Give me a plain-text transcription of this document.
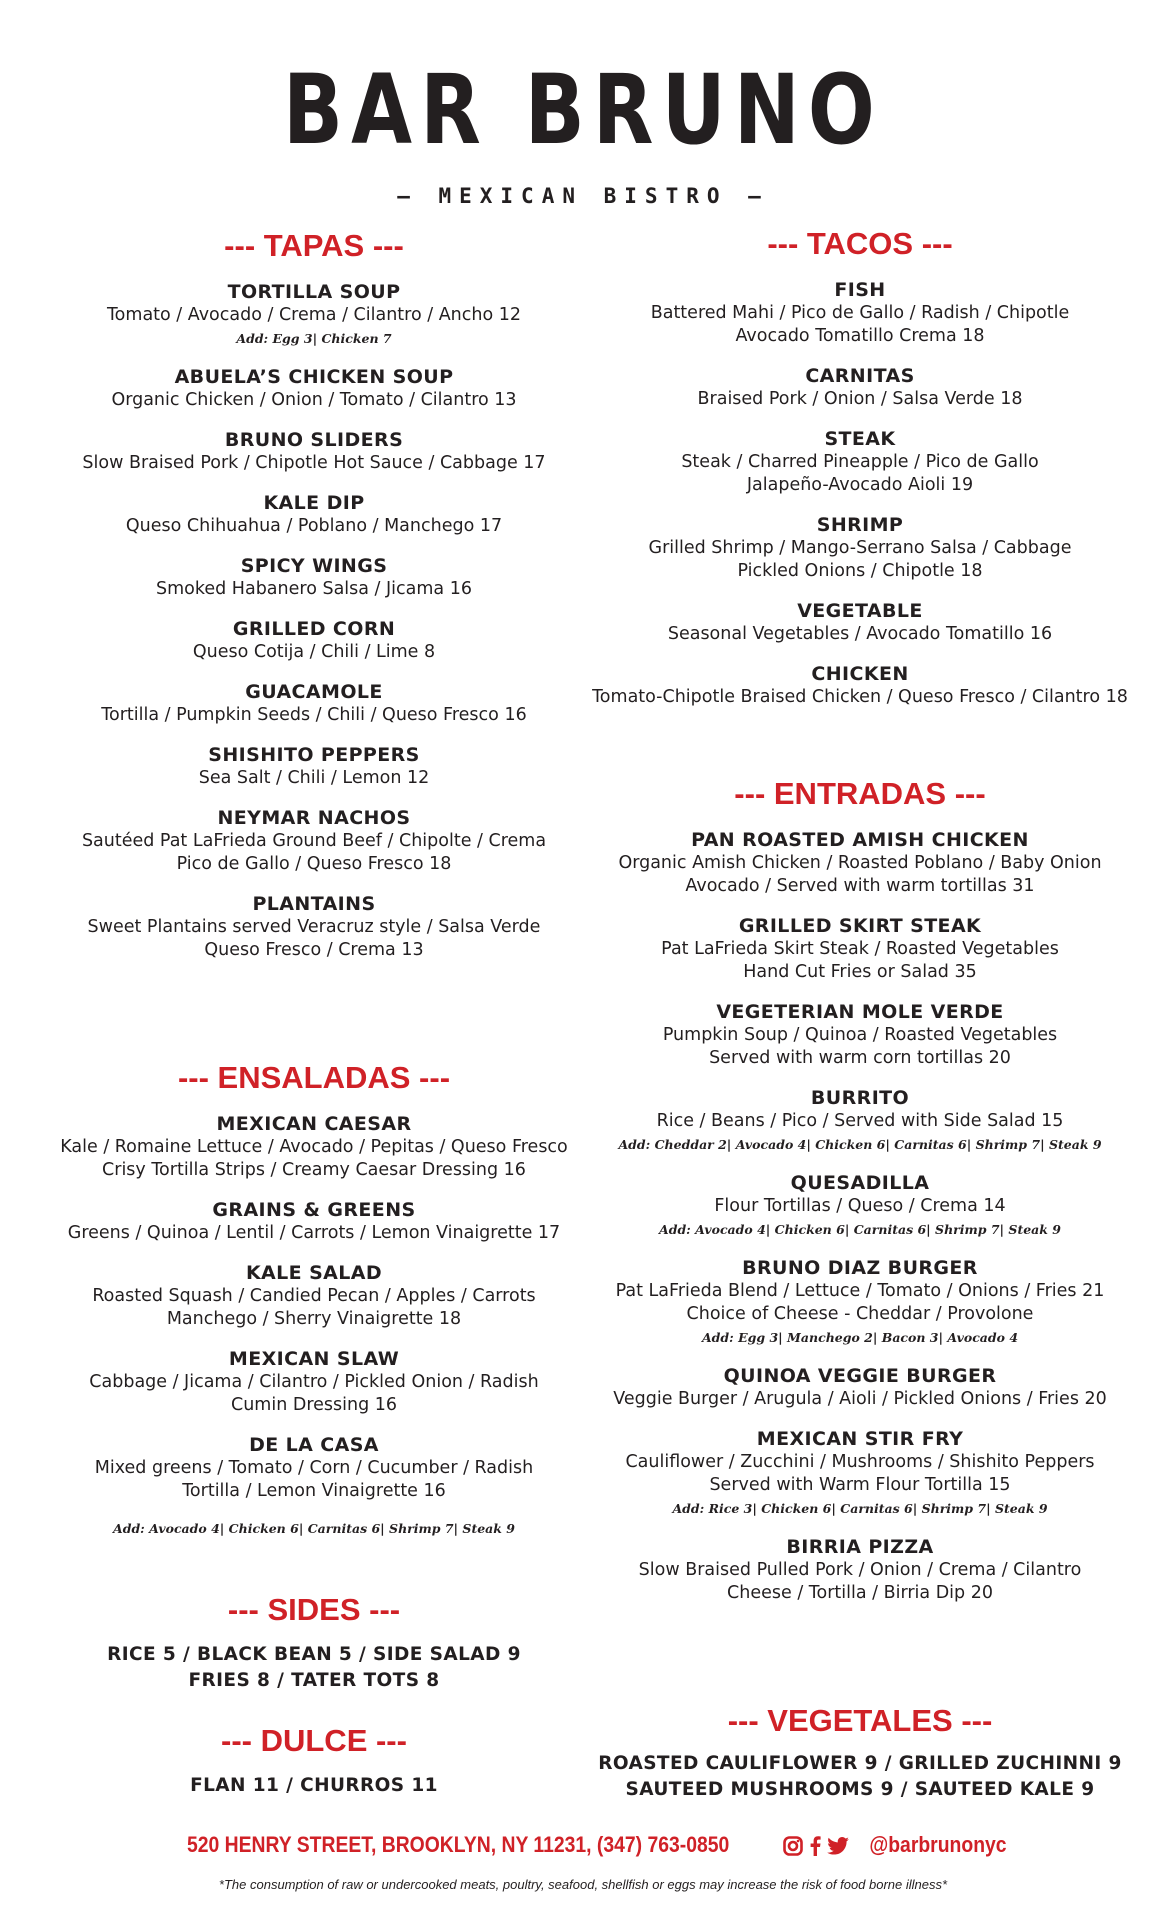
BAR BRUNO
— MEXICAN BISTRO —
--- TAPAS ---
TORTILLA SOUP
Tomato / Avocado / Crema / Cilantro / Ancho 12
Add: Egg 3| Chicken 7
ABUELA’S CHICKEN SOUP
Organic Chicken / Onion / Tomato / Cilantro 13
BRUNO SLIDERS
Slow Braised Pork / Chipotle Hot Sauce / Cabbage 17
KALE DIP
Queso Chihuahua / Poblano / Manchego 17
SPICY WINGS
Smoked Habanero Salsa / Jicama 16
GRILLED CORN
Queso Cotija / Chili / Lime 8
GUACAMOLE
Tortilla / Pumpkin Seeds / Chili / Queso Fresco 16
SHISHITO PEPPERS
Sea Salt / Chili / Lemon 12
NEYMAR NACHOS
Sautéed Pat LaFrieda Ground Beef / Chipolte / Crema
Pico de Gallo / Queso Fresco 18
PLANTAINS
Sweet Plantains served Veracruz style / Salsa Verde
Queso Fresco / Crema 13
--- ENSALADAS ---
MEXICAN CAESAR
Kale / Romaine Lettuce / Avocado / Pepitas / Queso Fresco
Crisy Tortilla Strips / Creamy Caesar Dressing 16
GRAINS & GREENS
Greens / Quinoa / Lentil / Carrots / Lemon Vinaigrette 17
KALE SALAD
Roasted Squash / Candied Pecan / Apples / Carrots
Manchego / Sherry Vinaigrette 18
MEXICAN SLAW
Cabbage / Jicama / Cilantro / Pickled Onion / Radish
Cumin Dressing 16
DE LA CASA
Mixed greens / Tomato / Corn / Cucumber / Radish
Tortilla / Lemon Vinaigrette 16
Add: Avocado 4| Chicken 6| Carnitas 6| Shrimp 7| Steak 9
--- SIDES ---
RICE 5 / BLACK BEAN 5 / SIDE SALAD 9
FRIES 8 / TATER TOTS 8
--- DULCE ---
FLAN 11 / CHURROS 11
--- TACOS ---
FISH
Battered Mahi / Pico de Gallo / Radish / Chipotle
Avocado Tomatillo Crema 18
CARNITAS
Braised Pork / Onion / Salsa Verde 18
STEAK
Steak / Charred Pineapple / Pico de Gallo
Jalapeño-Avocado Aioli 19
SHRIMP
Grilled Shrimp / Mango-Serrano Salsa / Cabbage
Pickled Onions / Chipotle 18
VEGETABLE
Seasonal Vegetables / Avocado Tomatillo 16
CHICKEN
Tomato-Chipotle Braised Chicken / Queso Fresco / Cilantro 18
--- ENTRADAS ---
PAN ROASTED AMISH CHICKEN
Organic Amish Chicken / Roasted Poblano / Baby Onion
Avocado / Served with warm tortillas 31
GRILLED SKIRT STEAK
Pat LaFrieda Skirt Steak / Roasted Vegetables
Hand Cut Fries or Salad 35
VEGETERIAN MOLE VERDE
Pumpkin Soup / Quinoa / Roasted Vegetables
Served with warm corn tortillas 20
BURRITO
Rice / Beans / Pico / Served with Side Salad 15
Add: Cheddar 2| Avocado 4| Chicken 6| Carnitas 6| Shrimp 7| Steak 9
QUESADILLA
Flour Tortillas / Queso / Crema 14
Add: Avocado 4| Chicken 6| Carnitas 6| Shrimp 7| Steak 9
BRUNO DIAZ BURGER
Pat LaFrieda Blend / Lettuce / Tomato / Onions / Fries 21
Choice of Cheese - Cheddar / Provolone
Add: Egg 3| Manchego 2| Bacon 3| Avocado 4
QUINOA VEGGIE BURGER
Veggie Burger / Arugula / Aioli / Pickled Onions / Fries 20
MEXICAN STIR FRY
Cauliflower / Zucchini / Mushrooms / Shishito Peppers
Served with Warm Flour Tortilla 15
Add: Rice 3| Chicken 6| Carnitas 6| Shrimp 7| Steak 9
BIRRIA PIZZA
Slow Braised Pulled Pork / Onion / Crema / Cilantro
Cheese / Tortilla / Birria Dip 20
--- VEGETALES ---
ROASTED CAULIFLOWER 9 / GRILLED ZUCHINNI 9
SAUTEED MUSHROOMS 9 / SAUTEED KALE 9
520 HENRY STREET, BROOKLYN, NY 11231, (347) 763-0850	@barbrunonyc
*The consumption of raw or undercooked meats, poultry, seafood, shellfish or eggs may increase the risk of food borne illness*
